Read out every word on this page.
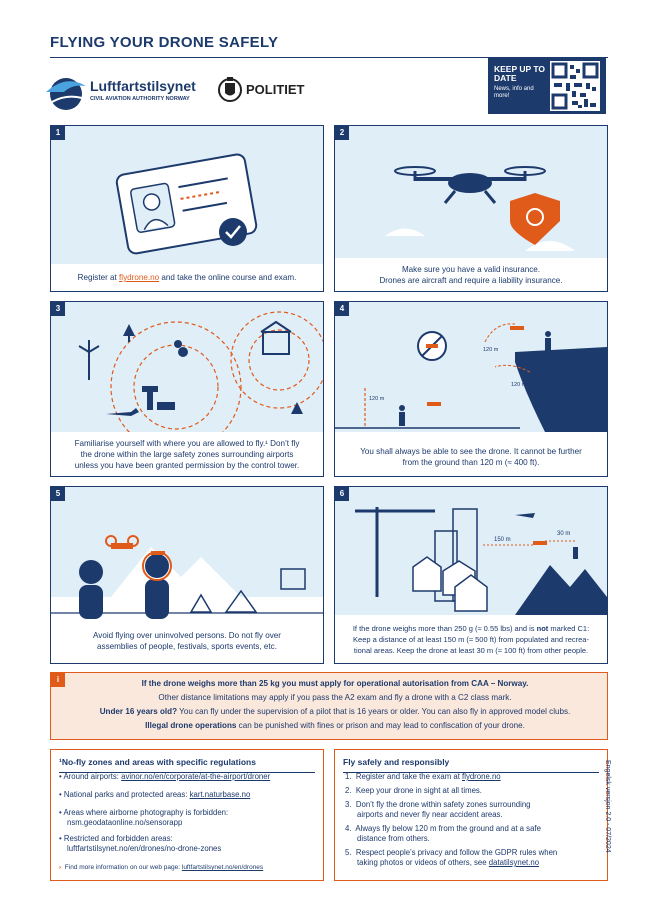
FLYING YOUR DRONE SAFELY
Luftfartstilsynet
CIVIL AVIATION AUTHORITY NORWAY
POLITIET
KEEP UP TO DATE
News, info and more!
1
Register at flydrone.no and take the online course and exam.
2
Make sure you have a valid insurance.
Drones are aircraft and require a liability insurance.
3
Familiarise yourself with where you are allowed to fly.¹ Don’t fly
the drone within the large safety zones surrounding airports
unless you have been granted permission by the control tower.
4
120 m
120 m
120 m
You shall always be able to see the drone. It cannot be further
from the ground than 120 m (≈ 400 ft).
5
Avoid flying over uninvolved persons. Do not fly over
assemblies of people, festivals, sports events, etc.
6
150 m
30 m
If the drone weighs more than 250 g (≈ 0.55 lbs) and is not marked C1:
Keep a distance of at least 150 m (≈ 500 ft) from populated and recrea-
tional areas. Keep the drone at least 30 m (≈ 100 ft) from other people.
i	If the drone weighs more than 25 kg you must apply for operational autorisation from CAA – Norway.
Other distance limitations may apply if you pass the A2 exam and fly a drone with a C2 class mark.
Under 16 years old? You can fly under the supervision of a pilot that is 16 years or older. You can also fly in approved model clubs.
Illegal drone operations can be punished with fines or prison and may lead to confiscation of your drone.
¹No-fly zones and areas with specific regulations
• Around airports: avinor.no/en/corporate/at-the-airport/droner
• National parks and protected areas: kart.naturbase.no
• Areas where airborne photography is forbidden:
nsm.geodataonline.no/sensorapp
• Restricted and forbidden areas:
luftfartstilsynet.no/en/drones/no-drone-zones
› Find more information on our web page: luftfartstilsynet.no/en/drones
Fly safely and responsibly
1. Register and take the exam at flydrone.no
2. Keep your drone in sight at all times.
3. Don’t fly the drone within safety zones surrounding
airports and never fly near accident areas.
4. Always fly below 120 m from the ground and at a safe
distance from others.
5. Respect people’s privacy and follow the GDPR rules when
taking photos or videos of others, see datatilsynet.no
Engelsk versjon 2.0 - 07/2024
